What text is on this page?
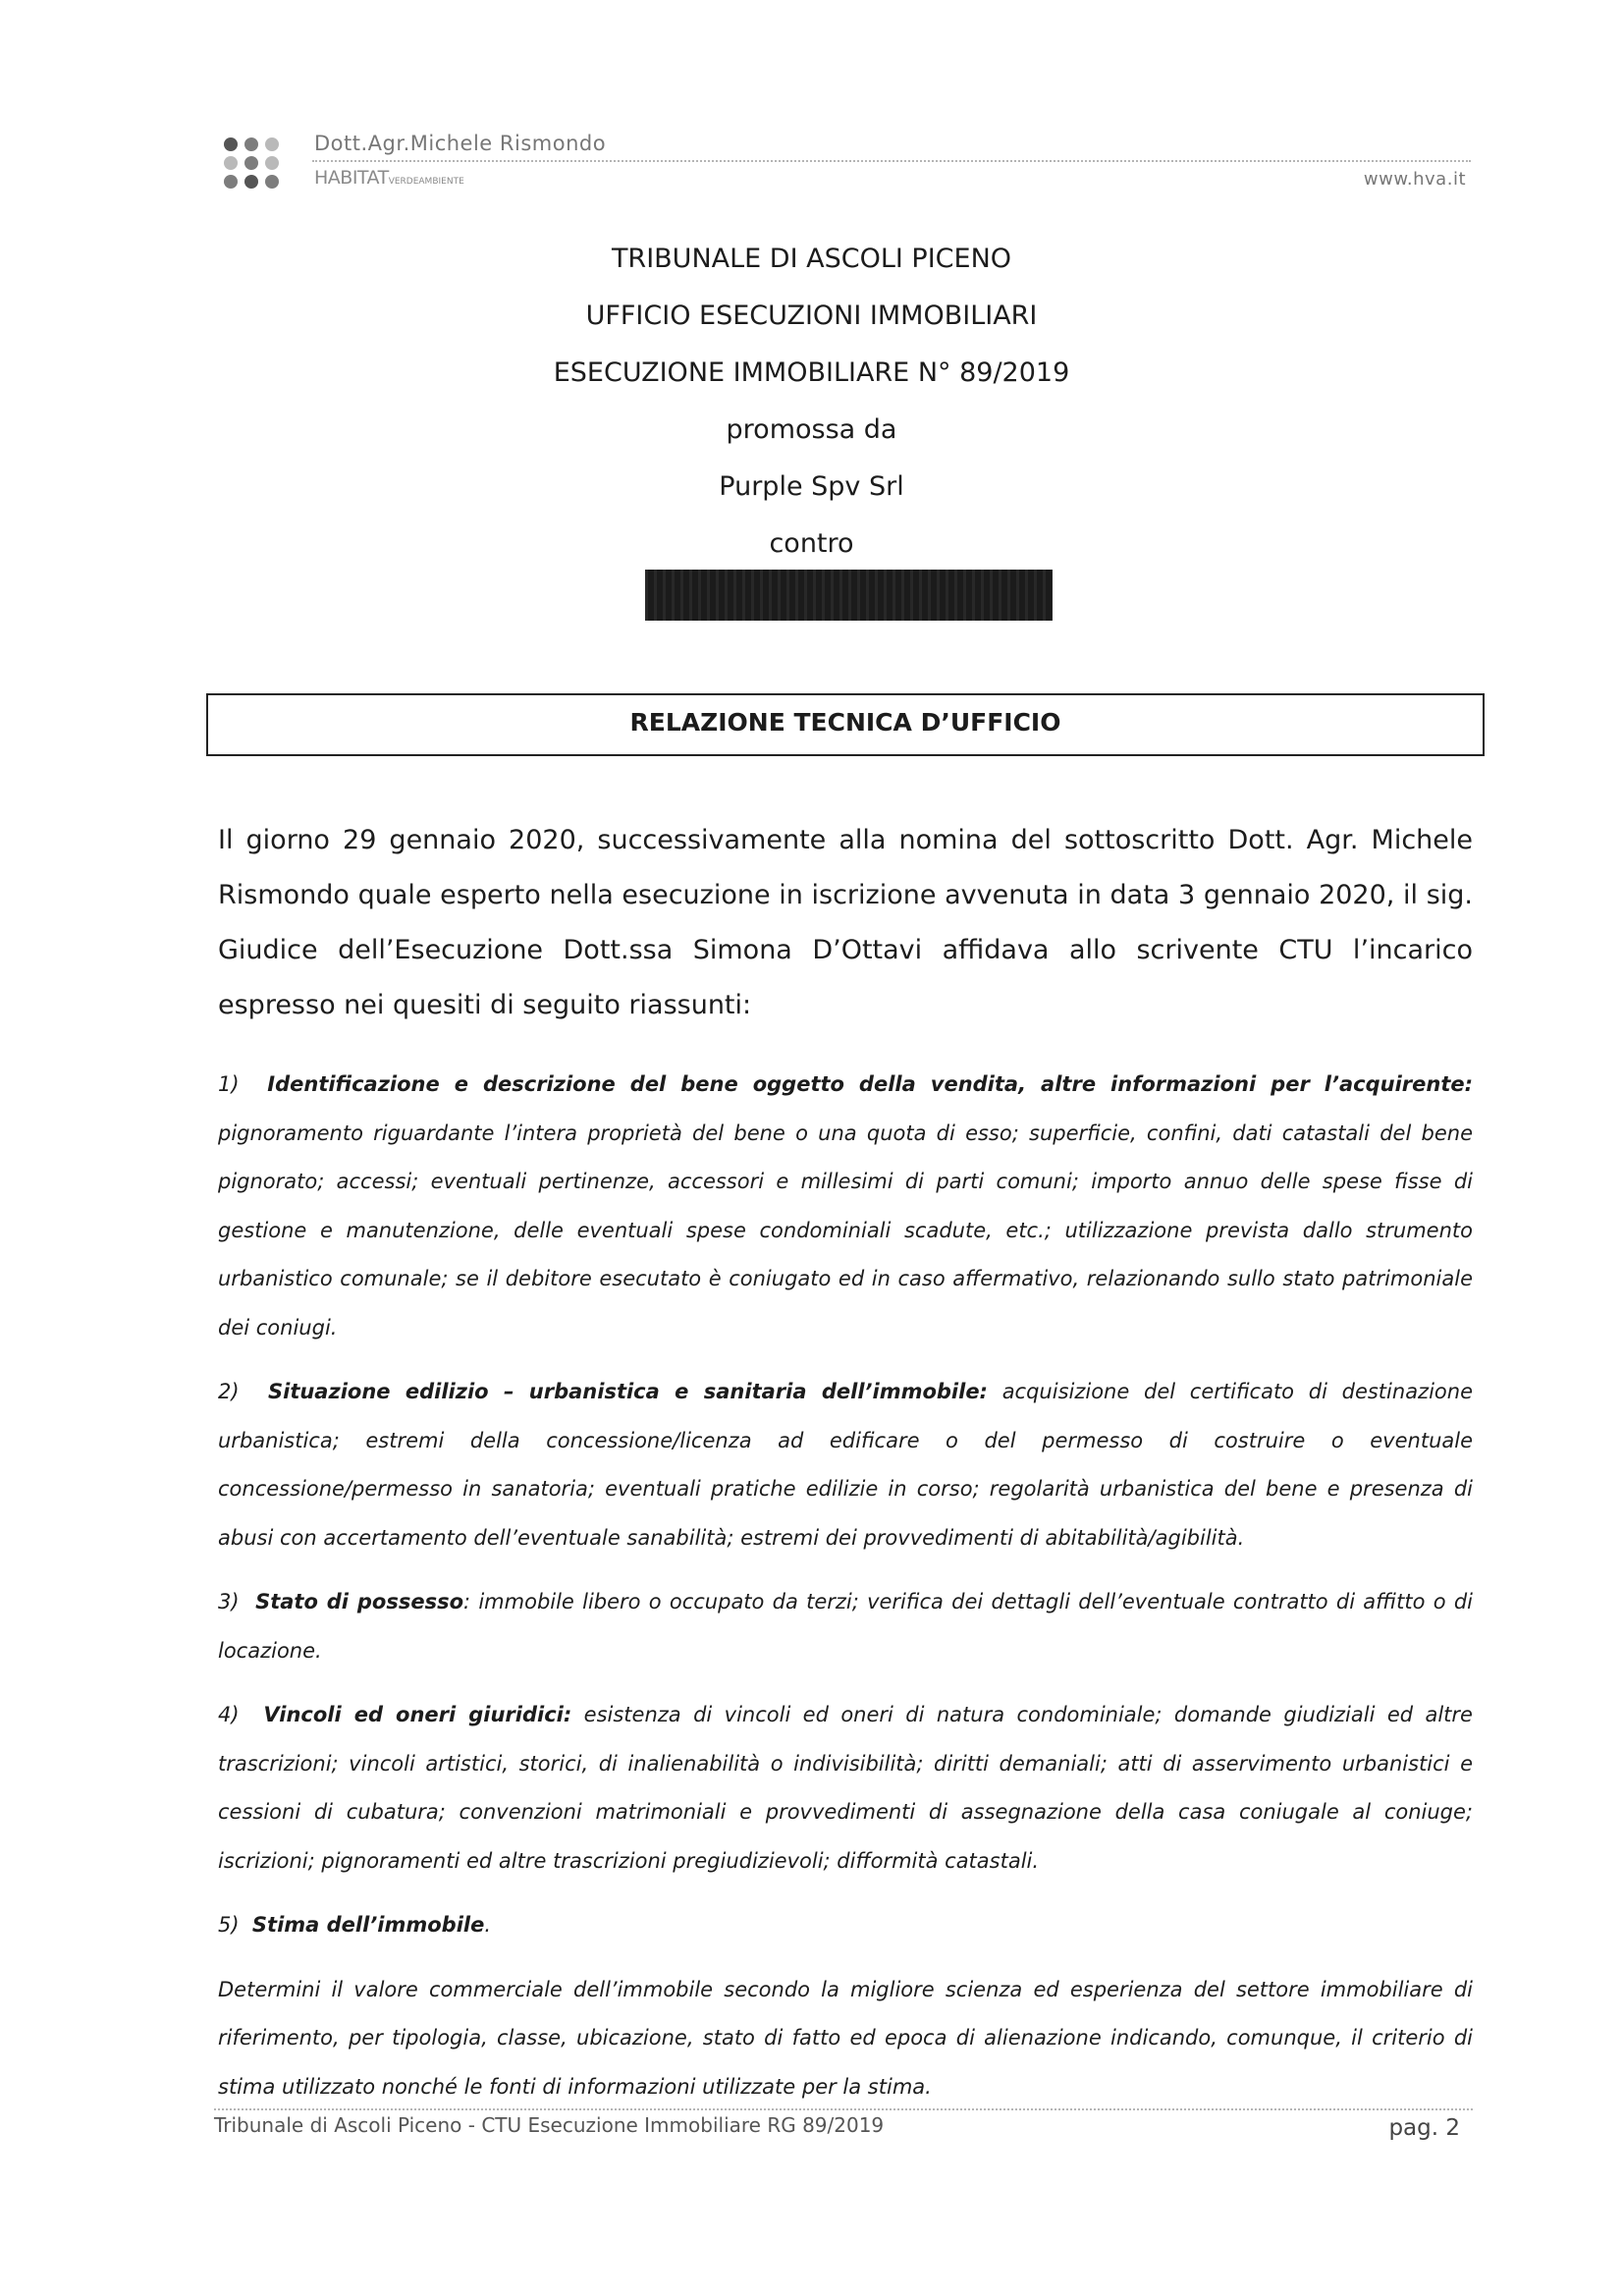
Dott.Agr.Michele Rismondo
HABITATVERDEAMBIENTE	www.hva.it
TRIBUNALE DI ASCOLI PICENO
UFFICIO ESECUZIONI IMMOBILIARI
ESECUZIONE IMMOBILIARE N° 89/2019
promossa da
Purple Spv Srl
contro
RELAZIONE TECNICA D’UFFICIO
Il giorno 29 gennaio 2020, successivamente alla nomina del sottoscritto Dott. Agr. Michele Rismondo quale esperto nella esecuzione in iscrizione avvenuta in data 3 gennaio 2020, il sig. Giudice dell’Esecuzione Dott.ssa Simona D’Ottavi affidava allo scrivente CTU l’incarico espresso nei quesiti di seguito riassunti:

1) Identificazione e descrizione del bene oggetto della vendita, altre informazioni per l’acquirente: pignoramento riguardante l’intera proprietà del bene o una quota di esso; superficie, confini, dati catastali del bene pignorato; accessi; eventuali pertinenze, accessori e millesimi di parti comuni; importo annuo delle spese fisse di gestione e manutenzione, delle eventuali spese condominiali scadute, etc.; utilizzazione prevista dallo strumento urbanistico comunale; se il debitore esecutato è coniugato ed in caso affermativo, relazionando sullo stato patrimoniale dei coniugi.

2) Situazione edilizio – urbanistica e sanitaria dell’immobile: acquisizione del certificato di destinazione urbanistica; estremi della concessione/licenza ad edificare o del permesso di costruire o eventuale concessione/permesso in sanatoria; eventuali pratiche edilizie in corso; regolarità urbanistica del bene e presenza di abusi con accertamento dell’eventuale sanabilità; estremi dei provvedimenti di abitabilità/agibilità.

3) Stato di possesso: immobile libero o occupato da terzi; verifica dei dettagli dell’eventuale contratto di affitto o di locazione.

4) Vincoli ed oneri giuridici: esistenza di vincoli ed oneri di natura condominiale; domande giudiziali ed altre trascrizioni; vincoli artistici, storici, di inalienabilità o indivisibilità; diritti demaniali; atti di asservimento urbanistici e cessioni di cubatura; convenzioni matrimoniali e provvedimenti di assegnazione della casa coniugale al coniuge; iscrizioni; pignoramenti ed altre trascrizioni pregiudizievoli; difformità catastali.

5) Stima dell’immobile.

Determini il valore commerciale dell’immobile secondo la migliore scienza ed esperienza del settore immobiliare di riferimento, per tipologia, classe, ubicazione, stato di fatto ed epoca di alienazione indicando, comunque, il criterio di stima utilizzato nonché le fonti di informazioni utilizzate per la stima.

Tribunale di Ascoli Piceno - CTU Esecuzione Immobiliare RG 89/2019	pag. 2
